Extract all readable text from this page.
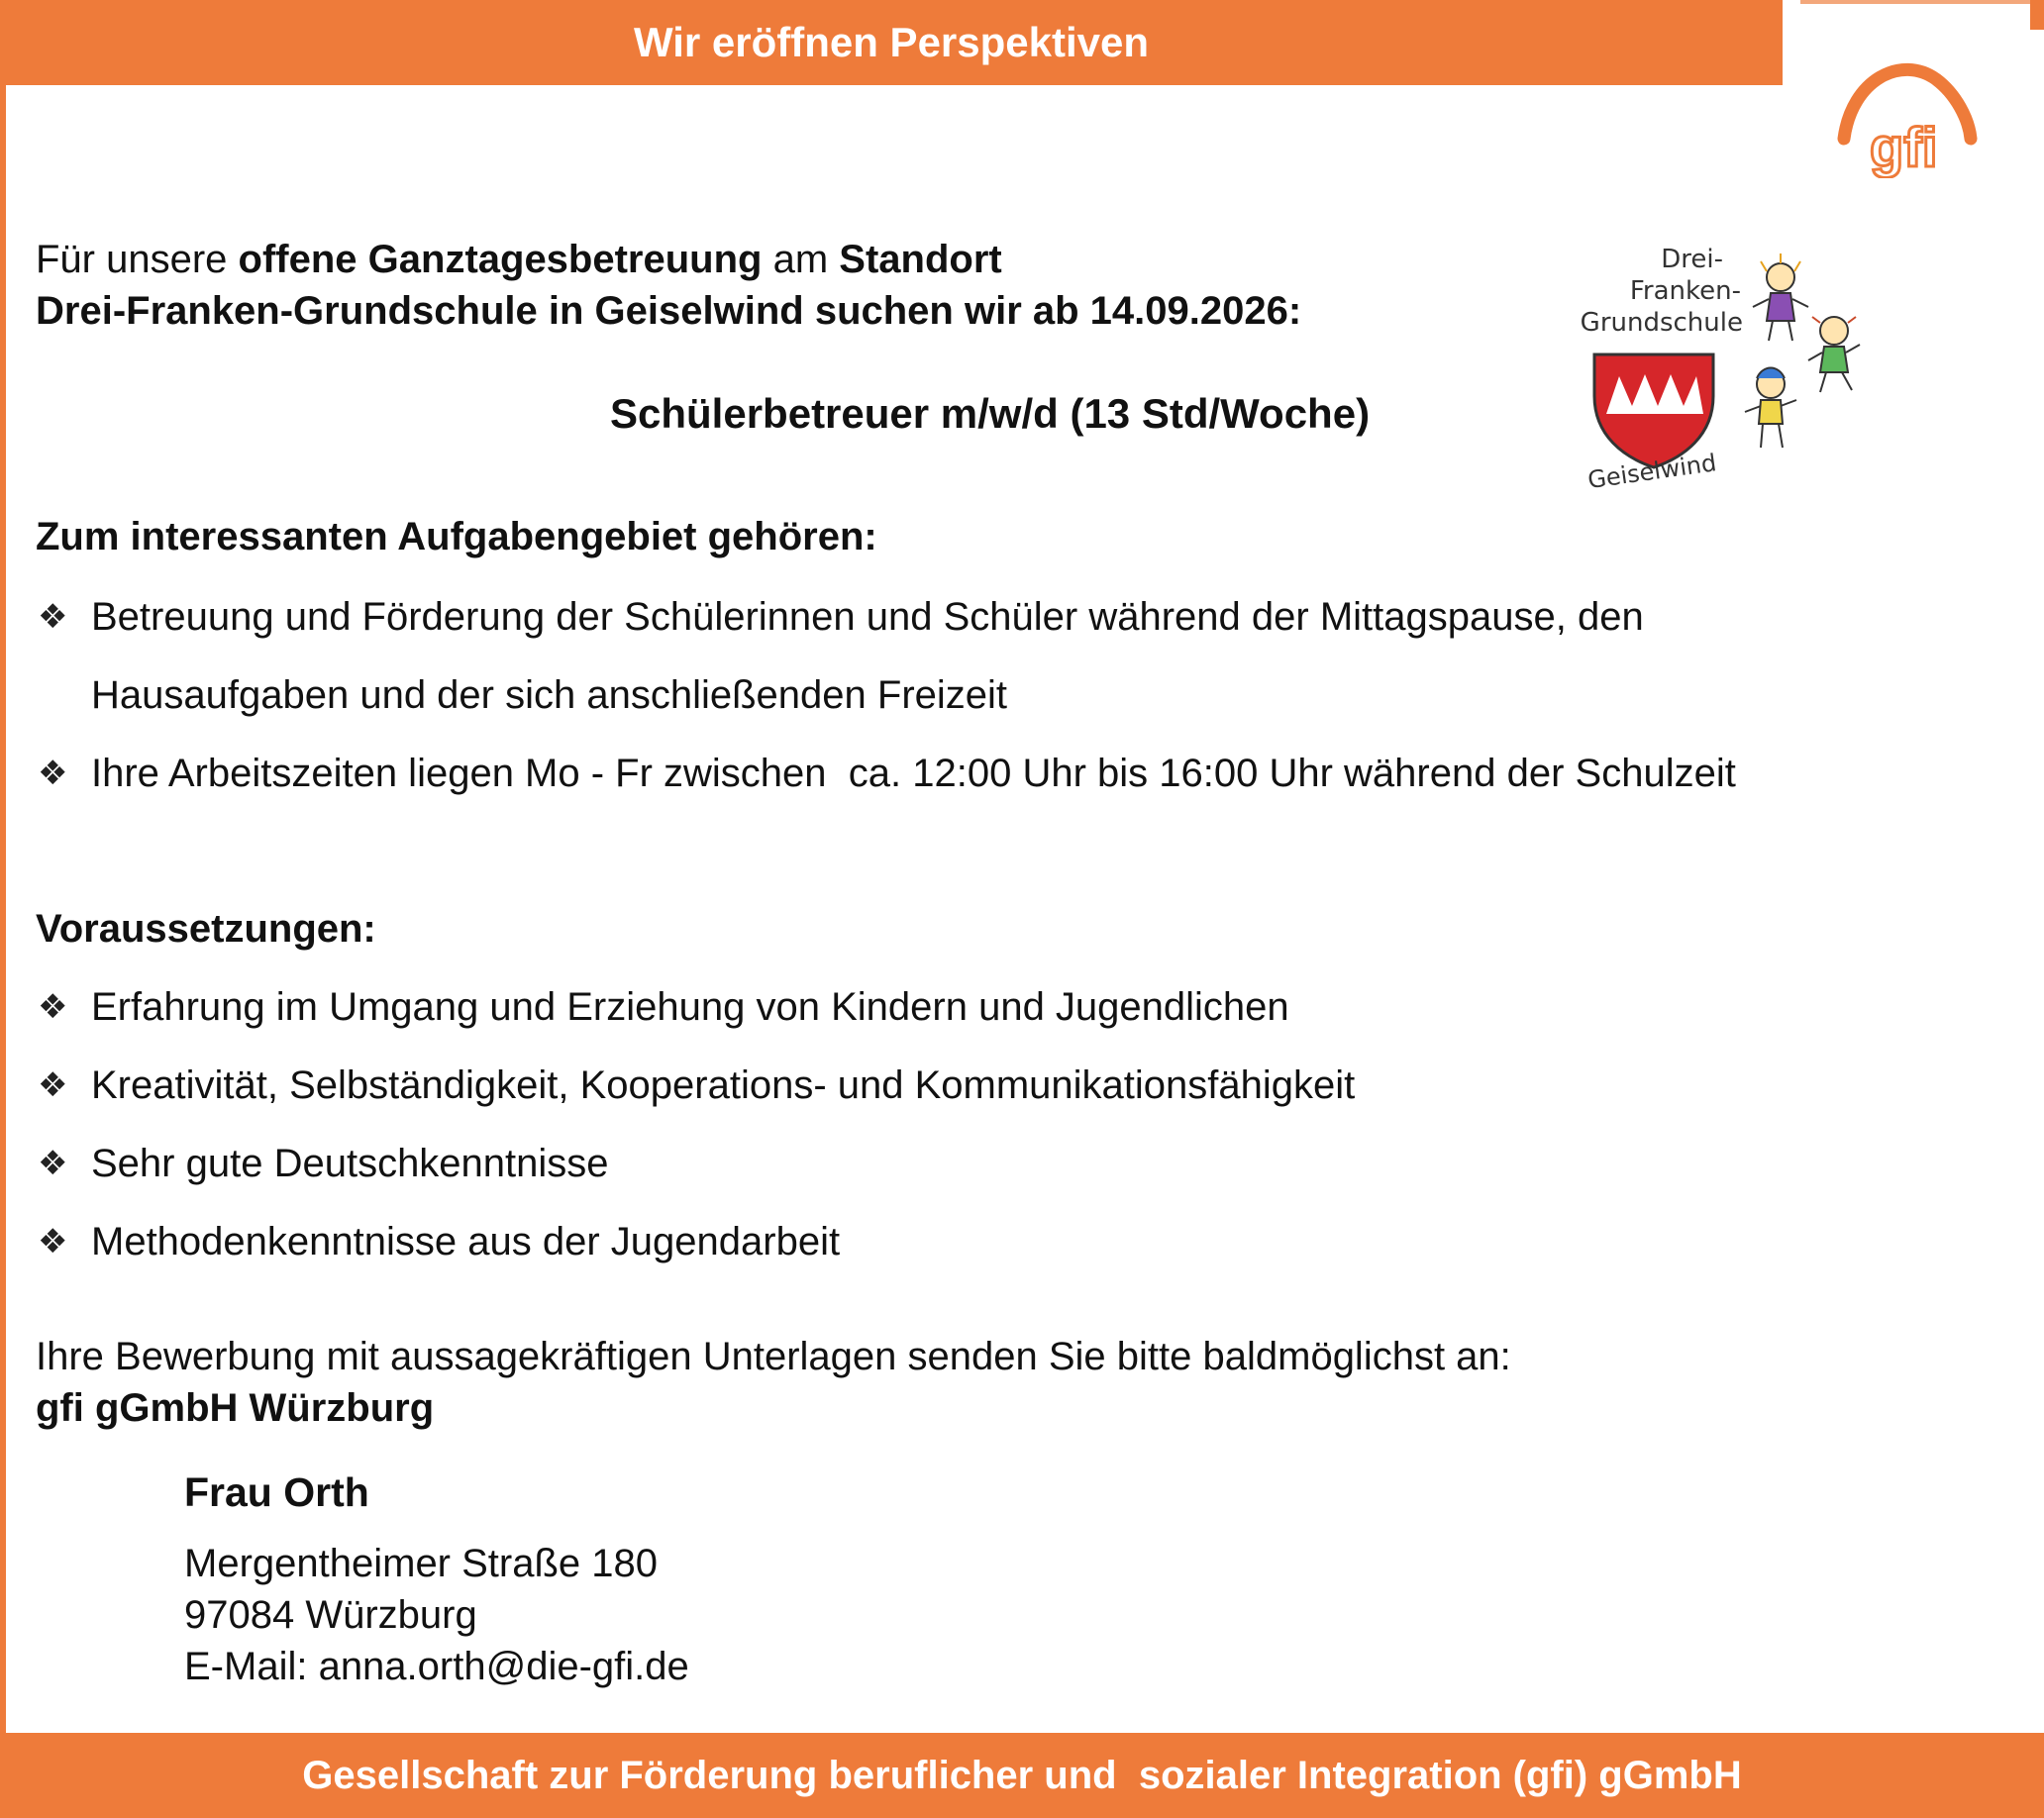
Wir eröffnen Perspektiven
gfi
Drei-
Franken-
Grundschule
Geiselwind
Für unsere offene Ganztagesbetreuung am Standort
Drei-Franken-Grundschule in Geiselwind suchen wir ab 14.09.2026:
Schülerbetreuer m/w/d (13 Std/Woche)
Zum interessanten Aufgabengebiet gehören:
❖ Betreuung und Förderung der Schülerinnen und Schüler während der Mittagspause, den
Hausaufgaben und der sich anschließenden Freizeit
❖ Ihre Arbeitszeiten liegen Mo - Fr zwischen  ca. 12:00 Uhr bis 16:00 Uhr während der Schulzeit
Voraussetzungen:
❖ Erfahrung im Umgang und Erziehung von Kindern und Jugendlichen
❖ Kreativität, Selbständigkeit, Kooperations- und Kommunikationsfähigkeit
❖ Sehr gute Deutschkenntnisse
❖ Methodenkenntnisse aus der Jugendarbeit
Ihre Bewerbung mit aussagekräftigen Unterlagen senden Sie bitte baldmöglichst an:
gfi gGmbH Würzburg
Frau Orth
Mergentheimer Straße 180
97084 Würzburg
E-Mail: anna.orth@die-gfi.de
Gesellschaft zur Förderung beruflicher und  sozialer Integration (gfi) gGmbH
